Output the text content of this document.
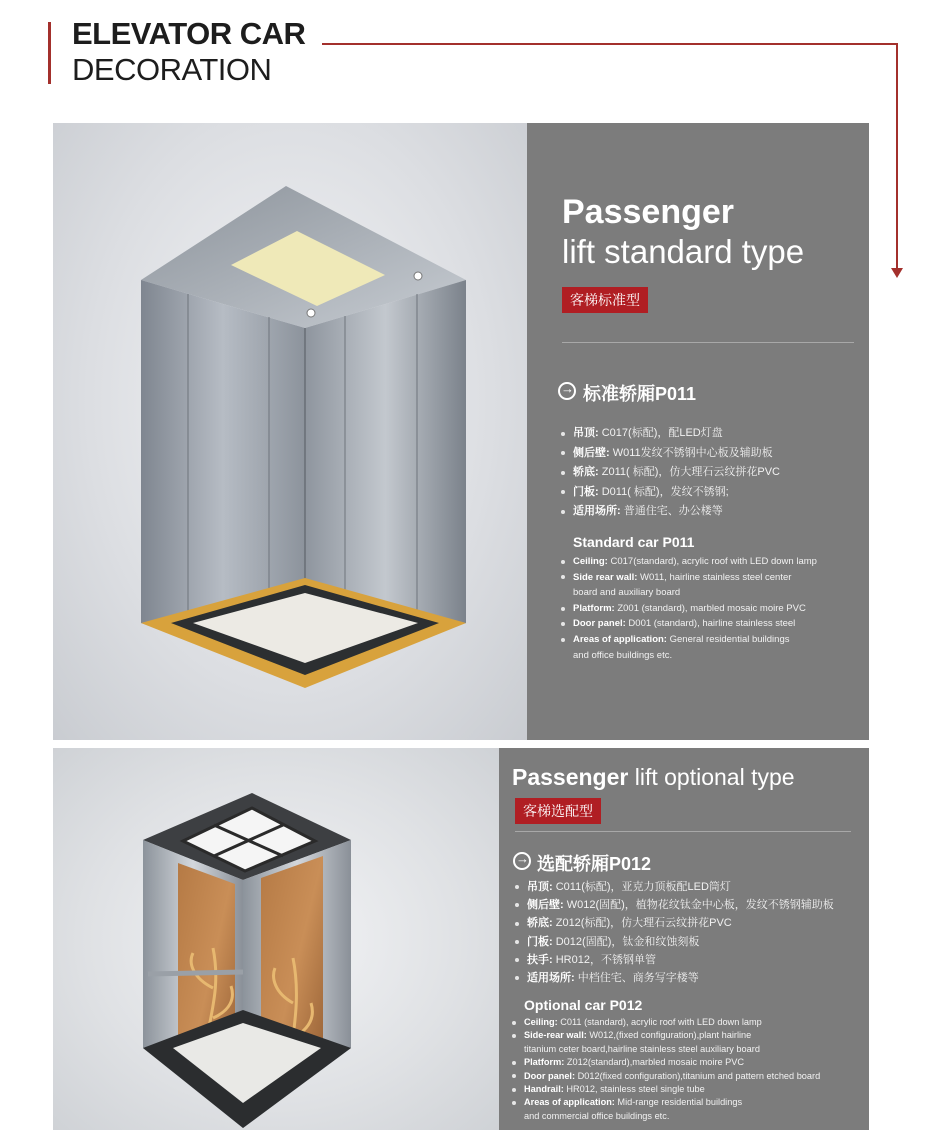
ELEVATOR CAR
DECORATION
Passenger
lift standard type
客梯标准型
→
标准轿厢P011
吊顶: C017(标配)，配LED灯盘
侧后壁: W011发纹不锈钢中心板及辅助板
轿底: Z011( 标配)，仿大理石云纹拼花PVC
门板: D011( 标配)，发纹不锈钢;
适用场所: 普通住宅、办公楼等
Standard car P011
Ceiling: C017(standard), acrylic roof with LED down lamp
Side rear wall: W011, hairline stainless steel center
board and auxiliary board
Platform: Z001 (standard), marbled mosaic moire PVC
Door panel: D001 (standard), hairline stainless steel
Areas of application: General residential buildings
and office buildings etc.
Passenger lift optional type
客梯选配型
→
选配轿厢P012
吊顶: C011(标配)，亚克力顶板配LED筒灯
侧后壁: W012(固配)，植物花纹钛金中心板，发纹不锈钢辅助板
轿底: Z012(标配)，仿大理石云纹拼花PVC
门板: D012(固配)，钛金和纹蚀刻板
扶手: HR012，不锈钢单管
适用场所: 中档住宅、商务写字楼等
Optional car P012
Ceiling: C011 (standard), acrylic roof with LED down lamp
Side-rear wall: W012,(fixed configuration),plant hairline
titanium ceter board,hairline stainless steel auxiliary board
Platform: Z012(standard),marbled mosaic moire PVC
Door panel: D012(fixed configuration),titanium and pattern etched board
Handrail: HR012, stainless steel single tube
Areas of application: Mid-range residential buildings
and commercial office buildings etc.
